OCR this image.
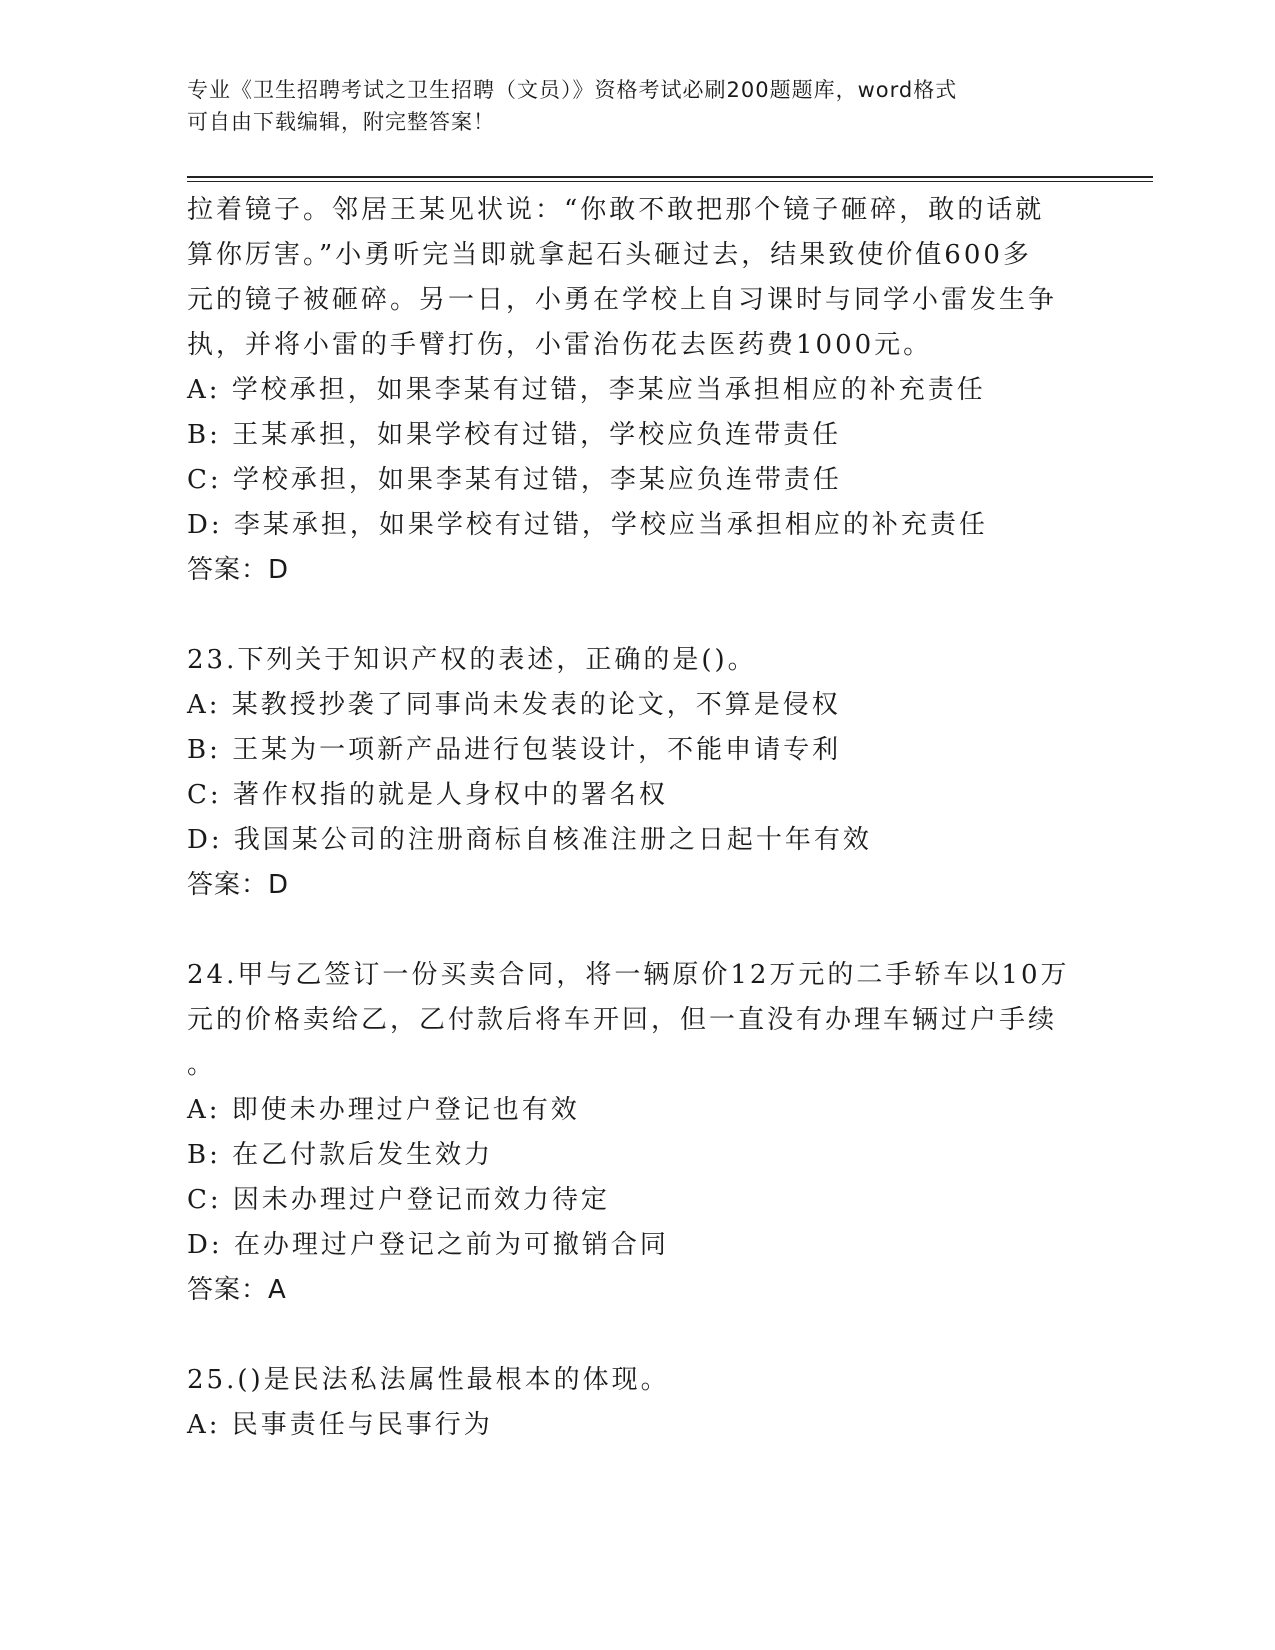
专业《卫生招聘考试之卫生招聘（文员）》资格考试必刷200题题库，word格式
可自由下载编辑，附完整答案！
拉着镜子。邻居王某见状说：“你敢不敢把那个镜子砸碎，敢的话就
算你厉害。”小勇听完当即就拿起石头砸过去，结果致使价值600多
元的镜子被砸碎。另一日，小勇在学校上自习课时与同学小雷发生争
执，并将小雷的手臂打伤，小雷治伤花去医药费1000元。
A: 学校承担，如果李某有过错，李某应当承担相应的补充责任
B: 王某承担，如果学校有过错，学校应负连带责任
C: 学校承担，如果李某有过错，李某应负连带责任
D: 李某承担，如果学校有过错，学校应当承担相应的补充责任
答案：D
23.下列关于知识产权的表述，正确的是()。
A: 某教授抄袭了同事尚未发表的论文，不算是侵权
B: 王某为一项新产品进行包装设计，不能申请专利
C: 著作权指的就是人身权中的署名权
D: 我国某公司的注册商标自核准注册之日起十年有效
答案：D
24.甲与乙签订一份买卖合同，将一辆原价12万元的二手轿车以10万
元的价格卖给乙，乙付款后将车开回，但一直没有办理车辆过户手续
。
A: 即使未办理过户登记也有效
B: 在乙付款后发生效力
C: 因未办理过户登记而效力待定
D: 在办理过户登记之前为可撤销合同
答案：A
25.()是民法私法属性最根本的体现。
A: 民事责任与民事行为
